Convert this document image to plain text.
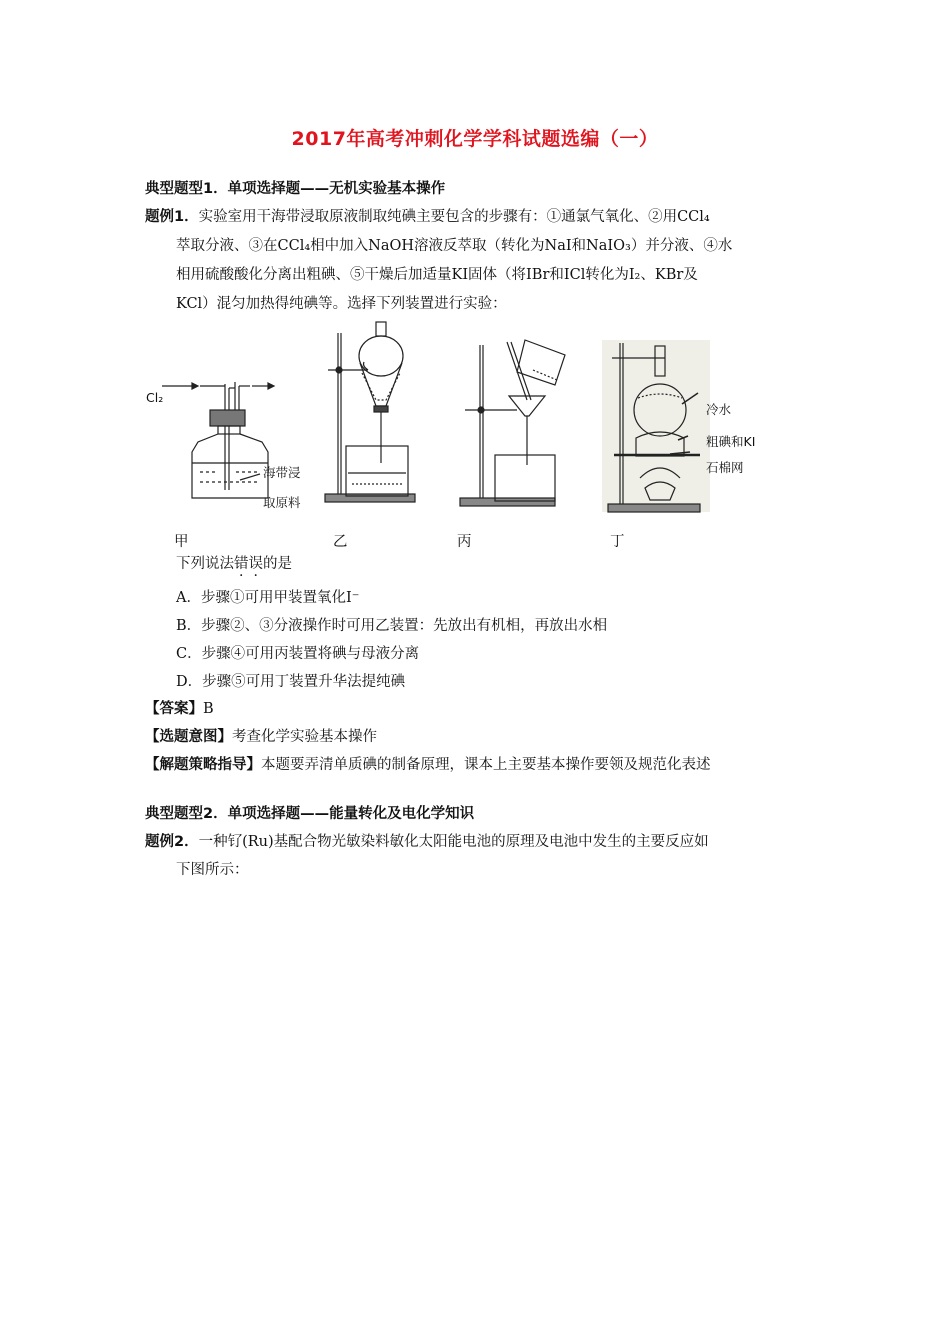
2017年高考冲刺化学学科试题选编（一）
典型题型1．单项选择题——无机实验基本操作
题例1．实验室用干海带浸取原液制取纯碘主要包含的步骤有：①通氯气氧化、②用CCl₄
萃取分液、③在CCl₄相中加入NaOH溶液反萃取（转化为NaI和NaIO₃）并分液、④水
相用硫酸酸化分离出粗碘、⑤干燥后加适量KI固体（将IBr和ICl转化为I₂、KBr及
KCl）混匀加热得纯碘等。选择下列装置进行实验：
Cl₂
海带浸
取原料
冷水
粗碘和KI
石棉网
甲	乙	丙	丁
下列说法错误的是
A．步骤①可用甲装置氧化I⁻
B．步骤②、③分液操作时可用乙装置：先放出有机相，再放出水相
C．步骤④可用丙装置将碘与母液分离
D．步骤⑤可用丁装置升华法提纯碘
【答案】B
【选题意图】考查化学实验基本操作
【解题策略指导】本题要弄清单质碘的制备原理，课本上主要基本操作要领及规范化表述
典型题型2．单项选择题——能量转化及电化学知识
题例2．一种钌(Ru)基配合物光敏染料敏化太阳能电池的原理及电池中发生的主要反应如
下图所示：
